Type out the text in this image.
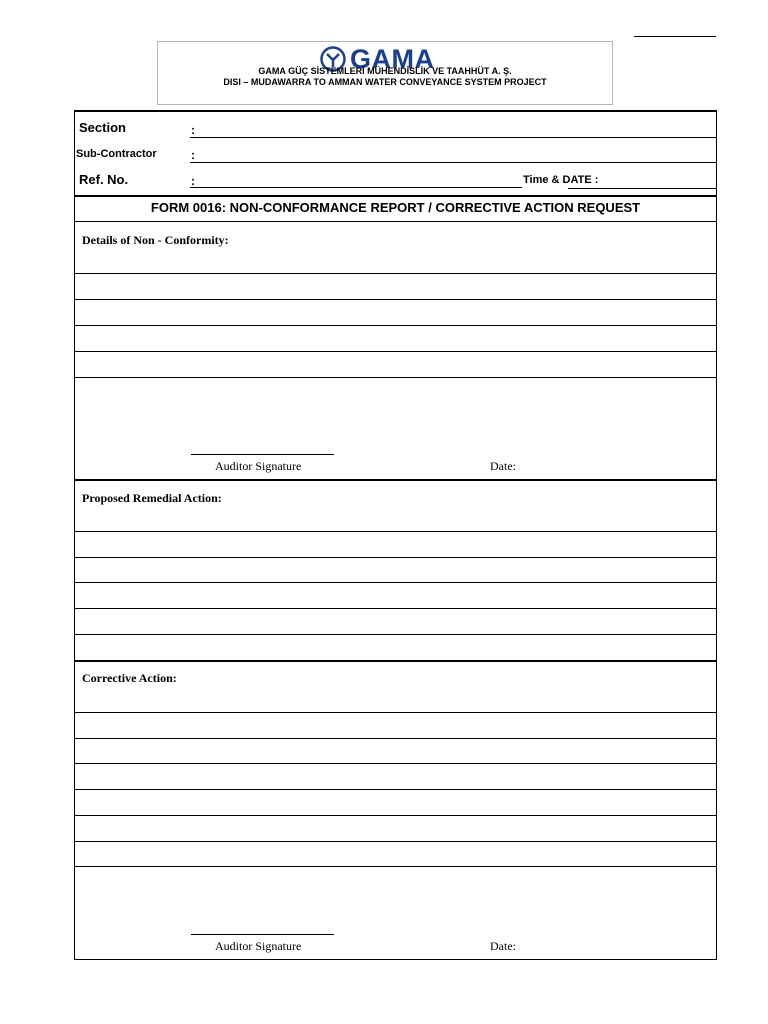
GAMA
GAMA GÜÇ SİSTEMLERİ MÜHENDİSLİK VE TAAHHÜT A. Ş.
DISI – MUDAWARRA TO AMMAN WATER CONVEYANCE SYSTEM PROJECT
Section	:
Sub-Contractor	:
Ref. No.	:	Time & DATE :
FORM 0016: NON-CONFORMANCE REPORT / CORRECTIVE ACTION REQUEST
Details of Non - Conformity:
Auditor Signature	Date:
Proposed Remedial Action:
Corrective Action:
Auditor Signature	Date:
